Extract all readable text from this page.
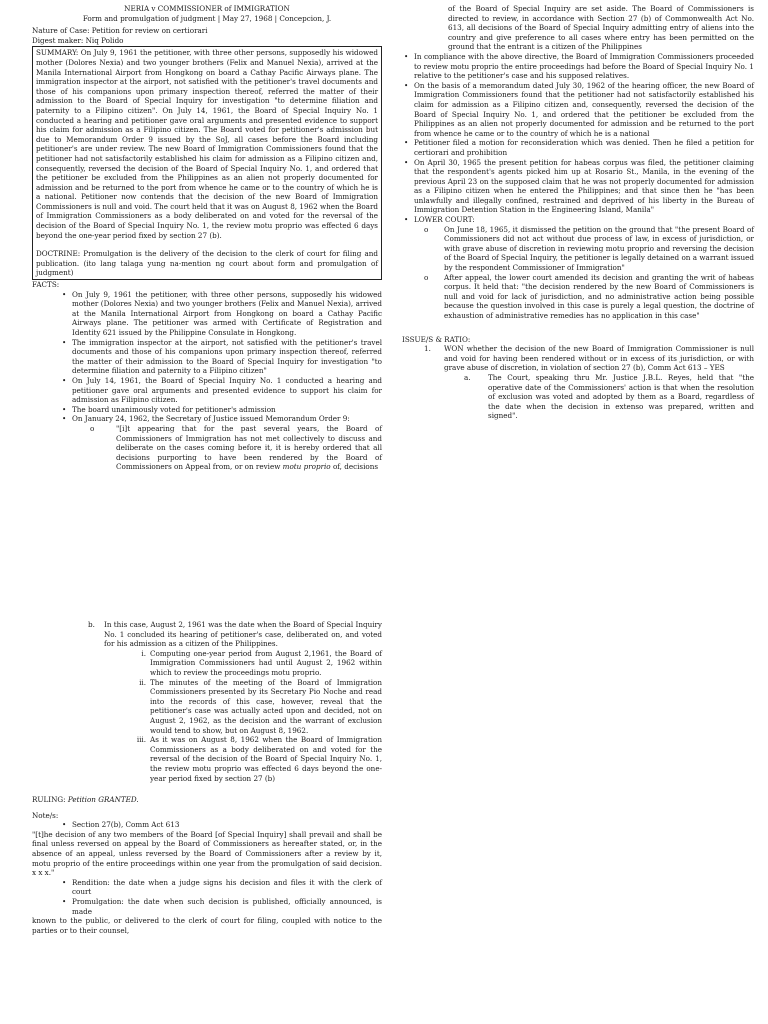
NERIA v COMMISSIONER of IMMIGRATION
Form and promulgation of judgment | May 27, 1968 | Concepcion, J.
Nature of Case: Petition for review on certiorari
Digest maker: Niq Polido
SUMMARY: On July 9, 1961 the petitioner, with three other persons, supposedly his widowed mother (Dolores Nexia) and two younger brothers (Felix and Manuel Nexia), arrived at the Manila International Airport from Hongkong on board a Cathay Pacific Airways plane. The immigration inspector at the airport, not satisfied with the petitioner's travel documents and those of his companions upon primary inspection thereof, referred the matter of their admission to the Board of Special Inquiry for investigation "to determine filiation and paternity to a Filipino citizen". On July 14, 1961, the Board of Special Inquiry No. 1 conducted a hearing and petitioner gave oral arguments and presented evidence to support his claim for admission as a Filipino citizen. The Board voted for petitioner's admission but due to Memorandum Order 9 issued by the SoJ, all cases before the Board including petitioner's are under review. The new Board of Immigration Commissioners found that the petitioner had not satisfactorily established his claim for admission as a Filipino citizen and, consequently, reversed the decision of the Board of Special Inquiry No. 1, and ordered that the petitioner be excluded from the Philippines as an alien not properly documented for admission and be returned to the port from whence he came or to the country of which he is a national. Petitioner now contends that the decision of the new Board of Immigration Commissioners is null and void. The court held that it was on August 8, 1962 when the Board of Immigration Commissioners as a body deliberated on and voted for the reversal of the decision of the Board of Special Inquiry No. 1, the review motu proprio was effected 6 days beyond the one-year period fixed by section 27 (b).
DOCTRINE: Promulgation is the delivery of the decision to the clerk of court for filing and publication. (ito lang talaga yung na-mention ng court about form and promulgation of judgment)
FACTS:
• On July 9, 1961 the petitioner, with three other persons, supposedly his widowed mother (Dolores Nexia) and two younger brothers (Felix and Manuel Nexia), arrived at the Manila International Airport from Hongkong on board a Cathay Pacific Airways plane. The petitioner was armed with Certificate of Registration and Identity 621 issued by the Philippine Consulate in Hongkong.
• The immigration inspector at the airport, not satisfied with the petitioner's travel documents and those of his companions upon primary inspection thereof, referred the matter of their admission to the Board of Special Inquiry for investigation "to determine filiation and paternity to a Filipino citizen"
• On July 14, 1961, the Board of Special Inquiry No. 1 conducted a hearing and petitioner gave oral arguments and presented evidence to support his claim for admission as Filipino citizen.
• The board unanimously voted for petitioner's admission
• On January 24, 1962, the Secretary of Justice issued Memorandum Order 9:
o "[i]t appearing that for the past several years, the Board of Commissioners of Immigration has not met collectively to discuss and deliberate on the cases coming before it, it is hereby ordered that all decisions purporting to have been rendered by the Board of Commissioners on Appeal from, or on review motu proprio of, decisions
of the Board of Special Inquiry are set aside. The Board of Commissioners is directed to review, in accordance with Section 27 (b) of Commonwealth Act No. 613, all decisions of the Board of Special Inquiry admitting entry of aliens into the country and give preference to all cases where entry has been permitted on the ground that the entrant is a citizen of the Philippines
• In compliance with the above directive, the Board of Immigration Commissioners proceeded to review motu proprio the entire proceedings had before the Board of Special Inquiry No. 1 relative to the petitioner's case and his supposed relatives.
• On the basis of a memorandum dated July 30, 1962 of the hearing officer, the new Board of Immigration Commissioners found that the petitioner had not satisfactorily established his claim for admission as a Filipino citizen and, consequently, reversed the decision of the Board of Special Inquiry No. 1, and ordered that the petitioner be excluded from the Philippines as an alien not properly documented for admission and be returned to the port from whence he came or to the country of which he is a national
• Petitioner filed a motion for reconsideration which was denied. Then he filed a petition for certiorari and prohibition
• On April 30, 1965 the present petition for habeas corpus was filed, the petitioner claiming that the respondent's agents picked him up at Rosario St., Manila, in the evening of the previous April 23 on the supposed claim that he was not properly documented for admission as a Filipino citizen when he entered the Philippines; and that since then he "has been unlawfully and illegally confined, restrained and deprived of his liberty in the Bureau of Immigration Detention Station in the Engineering Island, Manila"
• LOWER COURT:
o On June 18, 1965, it dismissed the petition on the ground that "the present Board of Commissioners did not act without due process of law, in excess of jurisdiction, or with grave abuse of discretion in reviewing motu proprio and reversing the decision of the Board of Special Inquiry, the petitioner is legally detained on a warrant issued by the respondent Commissioner of Immigration"
o After appeal, the lower court amended its decision and granting the writ of habeas corpus. It held that: "the decision rendered by the new Board of Commissioners is null and void for lack of jurisdiction, and no administrative action being possible because the question involved in this case is purely a legal question, the doctrine of exhaustion of administrative remedies has no application in this case"
ISSUE/S & RATIO:
1. WON whether the decision of the new Board of Immigration Commissioner is null and void for having been rendered without or in excess of its jurisdiction, or with grave abuse of discretion, in violation of section 27 (b), Comm Act 613 – YES
a. The Court, speaking thru Mr. Justice J.B.L. Reyes, held that "the operative date of the Commissioners' action is that when the resolution of exclusion was voted and adopted by them as a Board, regardless of the date when the decision in extenso was prepared, written and signed".
b. In this case, August 2, 1961 was the date when the Board of Special Inquiry No. 1 concluded its hearing of petitioner's case, deliberated on, and voted for his admission as a citizen of the Philippines.
i. Computing one-year period from August 2,1961, the Board of Immigration Commissioners had until August 2, 1962 within which to review the proceedings motu proprio.
ii. The minutes of the meeting of the Board of Immigration Commissioners presented by its Secretary Pio Noche and read into the records of this case, however, reveal that the petitioner's case was actually acted upon and decided, not on August 2, 1962, as the decision and the warrant of exclusion would tend to show, but on August 8, 1962.
iii. As it was on August 8, 1962 when the Board of Immigration Commissioners as a body deliberated on and voted for the reversal of the decision of the Board of Special Inquiry No. 1, the review motu proprio was effected 6 days beyond the one-year period fixed by section 27 (b)
RULING: Petition GRANTED.
Note/s:
• Section 27(b), Comm Act 613
"[t]he decision of any two members of the Board [of Special Inquiry] shall prevail and shall be final unless reversed on appeal by the Board of Commissioners as hereafter stated, or, in the absence of an appeal, unless reversed by the Board of Commissioners after a review by it, motu proprio of the entire proceedings within one year from the promulgation of said decision. x x x."
• Rendition: the date when a judge signs his decision and files it with the clerk of court
• Promulgation: the date when such decision is published, officially announced, is made
known to the public, or delivered to the clerk of court for filing, coupled with notice to the parties or to their counsel,
